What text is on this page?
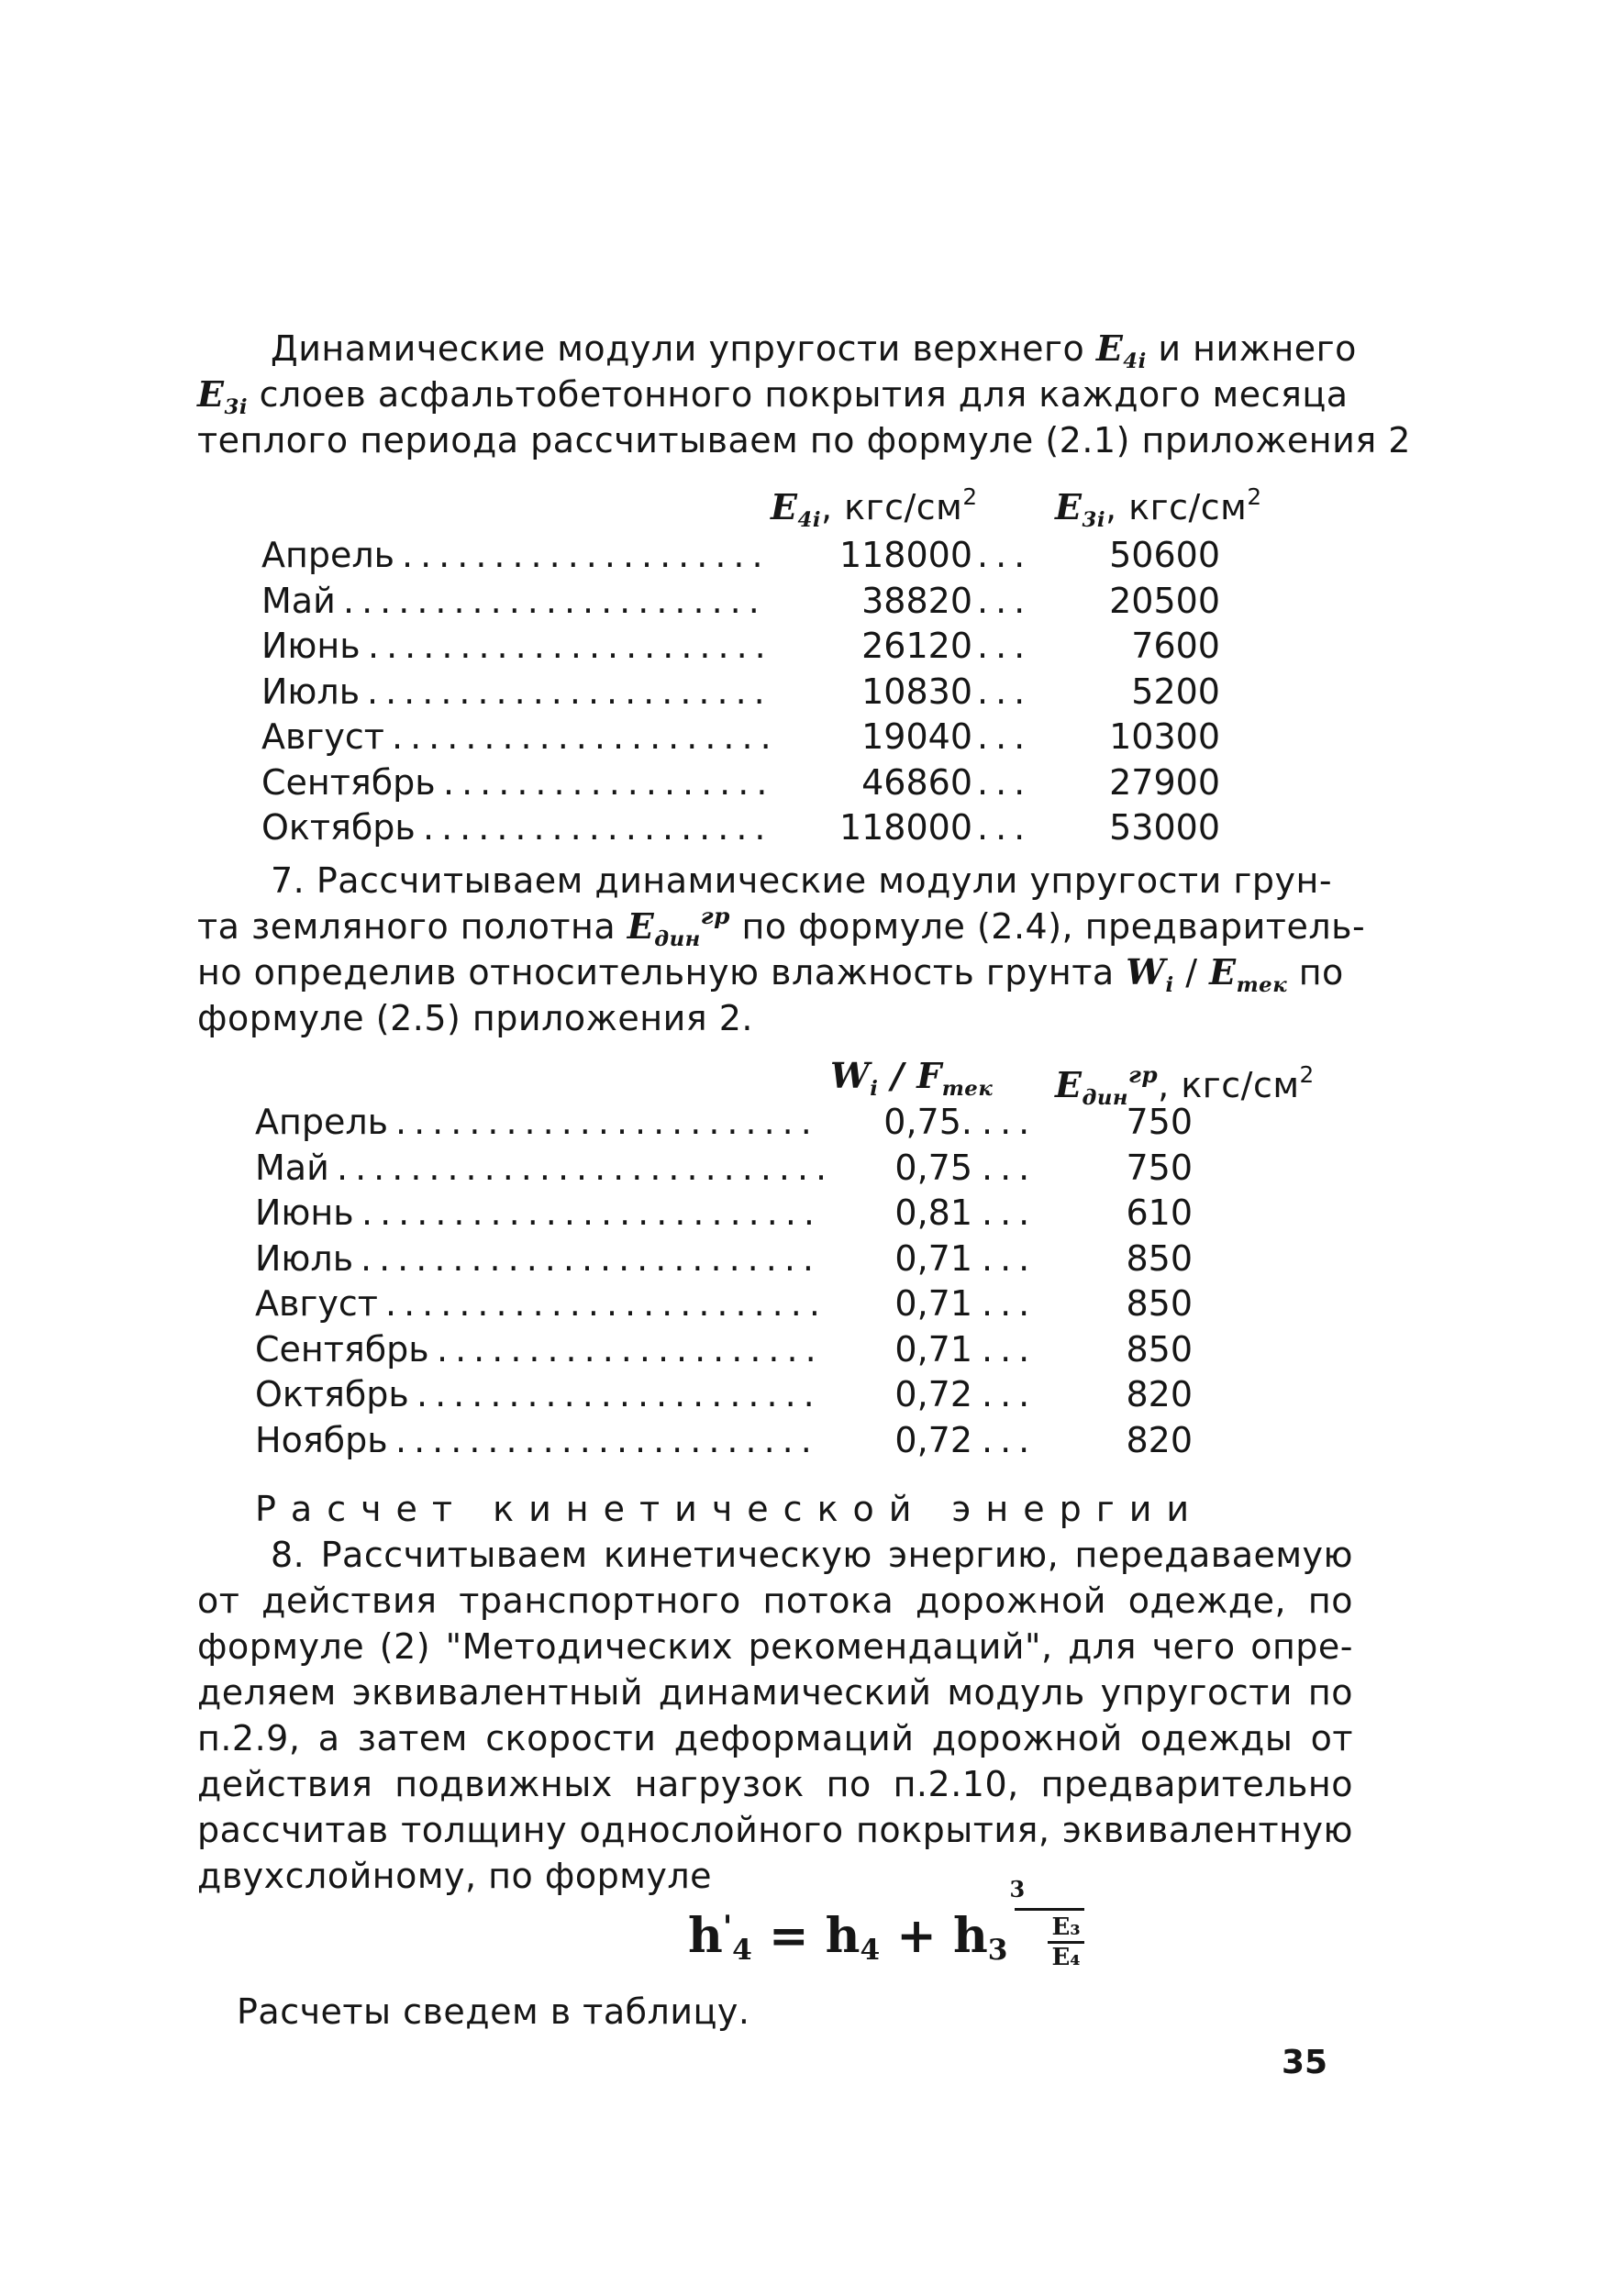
Динамические модули упругости верхнего $E_{4i}$ и нижнего
$E_{3i}$ слоев асфальтобетонного покрытия для каждого месяца
теплого периода рассчитываем по формуле (2.1) приложения 2
$E_{4i}$, кгс/$см^2$ $E_{3i}$, кгс/$см^2$
Апрель ....................	118000 ...	50600
Май .......................	38820 ...	20500
Июнь ......................	26120 ...	7600
Июль ......................	10830 ...	5200
Август .....................	19040 ...	10300
Сентябрь ..................	46860 ...	27900
Октябрь ...................	118000 ...	53000
7. Рассчитываем динамические модули упругости грун-
та земляного полотна $E_{дин}^{гр}$ по формуле (2.4), предваритель-
но определив относительную влажность грунта $W_i / E_{тек}$ по
формуле (2.5) приложения 2.
$W_i / F_{тек}$ $E_{дин}^{гр}$, кгс/$см^2$
Апрель .......................	0,75. ...	750
Май ...........................	0,75 ...	750
Июнь .........................	0,81 ...	610
Июль .........................	0,71 ...	850
Август ........................	0,71 ...	850
Сентябрь .....................	0,71 ...	850
Октябрь ......................	0,72 ...	820
Ноябрь .......................	0,72 ...	820
Расчет кинетической энергии
8. Рассчитываем кинетическую энергию, передаваемую
от действия транспортного потока дорожной одежде, по
формуле (2) "Методических рекомендаций", для чего опре-
деляем эквивалентный динамический модуль упругости по
п.2.9, а затем скорости деформаций дорожной одежды от
действия подвижных нагрузок по п.2.10, предварительно
рассчитав толщину однослойного покрытия, эквивалентную
двухслойному, по формуле
$h'_4 = h_4 + h_3$
3
$\frac{\text{E₃}}{\text{E₄}}$
Расчеты сведем в таблицу.
35
